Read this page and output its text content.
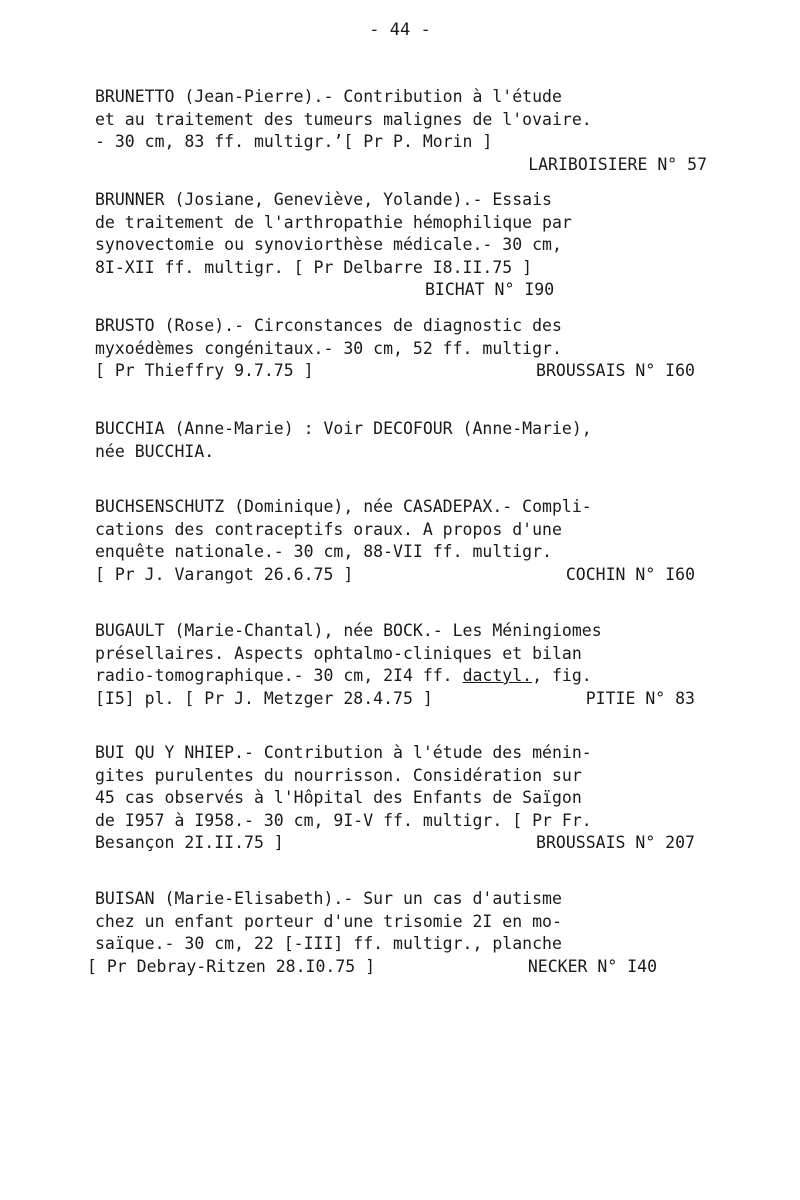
- 44 -
BRUNETTO (Jean-Pierre).- Contribution à l'étude
et au traitement des tumeurs malignes de l'ovaire.
- 30 cm, 83 ff. multigr.’[ Pr P. Morin ]
LARIBOISIERE N° 57
BRUNNER (Josiane, Geneviève, Yolande).- Essais
de traitement de l'arthropathie hémophilique par
synovectomie ou synoviorthèse médicale.- 30 cm,
8I-XII ff. multigr. [ Pr Delbarre I8.II.75 ]
BICHAT N° I90
BRUSTO (Rose).- Circonstances de diagnostic des
myxoédèmes congénitaux.- 30 cm, 52 ff. multigr.
[ Pr Thieffry 9.7.75 ]	BROUSSAIS N° I60
BUCCHIA (Anne-Marie) : Voir DECOFOUR (Anne-Marie),
née BUCCHIA.
BUCHSENSCHUTZ (Dominique), née CASADEPAX.- Compli-
cations des contraceptifs oraux. A propos d'une
enquête nationale.- 30 cm, 88-VII ff. multigr.
[ Pr J. Varangot 26.6.75 ]	COCHIN N° I60
BUGAULT (Marie-Chantal), née BOCK.- Les Méningiomes
présellaires. Aspects ophtalmo-cliniques et bilan
radio-tomographique.- 30 cm, 2I4 ff. dactyl., fig.
[I5] pl. [ Pr J. Metzger 28.4.75 ]	PITIE N° 83
BUI QU Y NHIEP.- Contribution à l'étude des ménin-
gites purulentes du nourrisson. Considération sur
45 cas observés à l'Hôpital des Enfants de Saïgon
de I957 à I958.- 30 cm, 9I-V ff. multigr. [ Pr Fr.
Besançon 2I.II.75 ]	BROUSSAIS N° 207
BUISAN (Marie-Elisabeth).- Sur un cas d'autisme
chez un enfant porteur d'une trisomie 2I en mo-
saïque.- 30 cm, 22 [-III] ff. multigr., planche
[ Pr Debray-Ritzen 28.I0.75 ]	NECKER N° I40
